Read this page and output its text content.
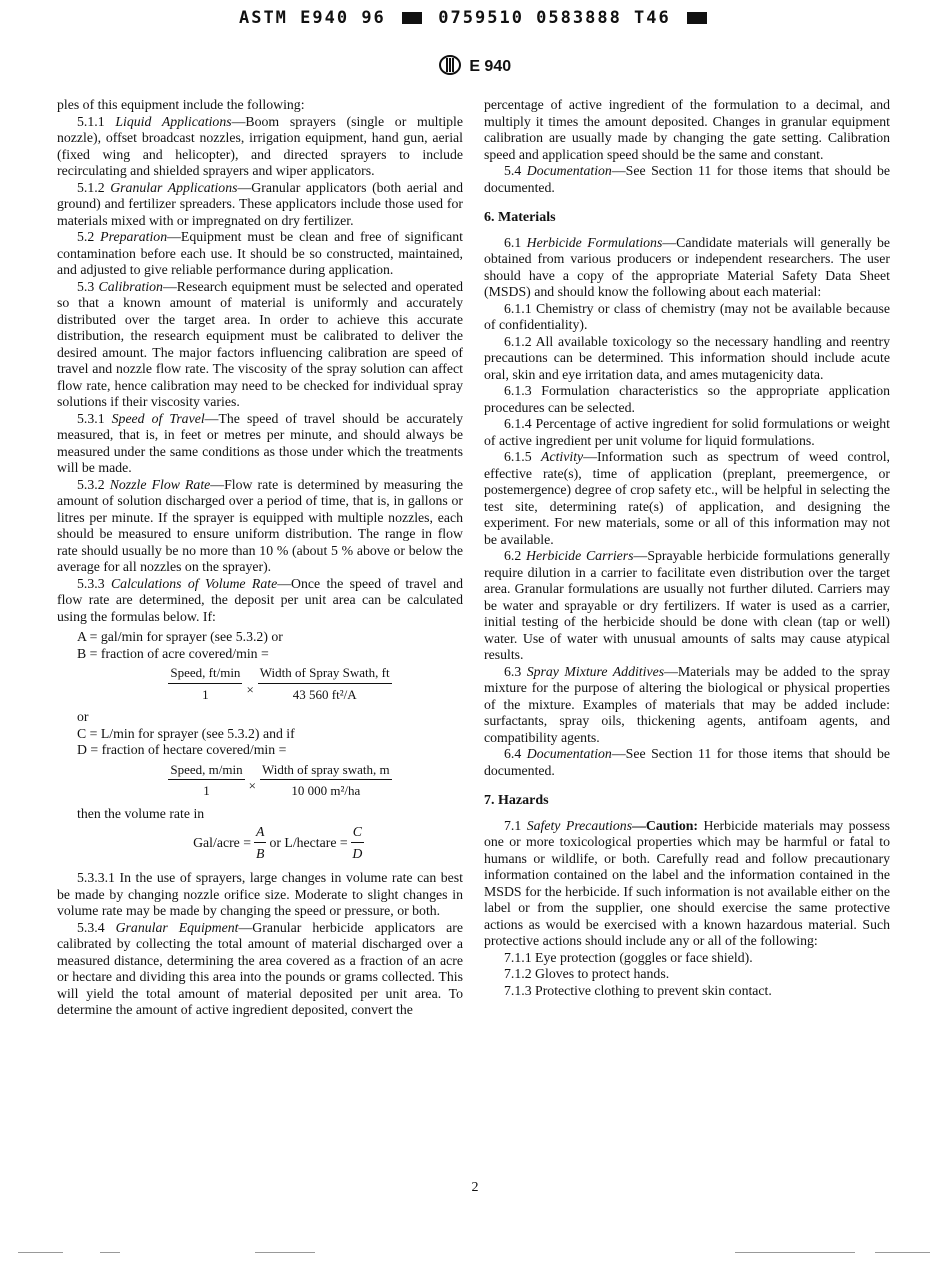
ASTM E940 96	0759510 0583888 T46
E 940

ples of this equipment include the following:

5.1.1 Liquid Applications—Boom sprayers (single or multiple nozzle), offset broadcast nozzles, irrigation equipment, hand gun, aerial (fixed wing and helicopter), and directed sprayers to include recirculating and shielded sprayers and wiper applicators.

5.1.2 Granular Applications—Granular applicators (both aerial and ground) and fertilizer spreaders. These applicators include those used for materials mixed with or impregnated on dry fertilizer.

5.2 Preparation—Equipment must be clean and free of significant contamination before each use. It should be so constructed, maintained, and adjusted to give reliable performance during application.

5.3 Calibration—Research equipment must be selected and operated so that a known amount of material is uniformly and accurately distributed over the target area. In order to achieve this accurate distribution, the research equipment must be calibrated to deliver the desired amount. The major factors influencing calibration are speed of travel and nozzle flow rate. The viscosity of the spray solution can affect flow rate, hence calibration may need to be checked for individual spray solutions if their viscosity varies.

5.3.1 Speed of Travel—The speed of travel should be accurately measured, that is, in feet or metres per minute, and should always be measured under the same conditions as those under which the treatments will be made.

5.3.2 Nozzle Flow Rate—Flow rate is determined by measuring the amount of solution discharged over a period of time, that is, in gallons or litres per minute. If the sprayer is equipped with multiple nozzles, each should be measured to ensure uniform distribution. The range in flow rate should usually be no more than 10 % (about 5 % above or below the average for all nozzles on the sprayer).

5.3.3 Calculations of Volume Rate—Once the speed of travel and flow rate are determined, the deposit per unit area can be calculated using the formulas below. If:

A = gal/min for sprayer (see 5.3.2) or

B = fraction of acre covered/min =

$\frac{\text{Speed, ft/min}}{1} \times \frac{\text{Width of Spray Swath, ft}}{\text{43 560 ft²/A}}$

or

C = L/min for sprayer (see 5.3.2) and if

D = fraction of hectare covered/min =

$\frac{\text{Speed, m/min}}{1} \times \frac{\text{Width of spray swath, m}}{\text{10 000 m²/ha}}$

then the volume rate in

Gal/acre = $\frac{A}{B}$ or L/hectare = $\frac{C}{D}$

5.3.3.1 In the use of sprayers, large changes in volume rate can best be made by changing nozzle orifice size. Moderate to slight changes in volume rate may be made by changing the speed or pressure, or both.

5.3.4 Granular Equipment—Granular herbicide applicators are calibrated by collecting the total amount of material discharged over a measured distance, determining the area covered as a fraction of an acre or hectare and dividing this area into the pounds or grams collected. This will yield the total amount of material deposited per unit area. To determine the amount of active ingredient deposited, convert the

percentage of active ingredient of the formulation to a decimal, and multiply it times the amount deposited. Changes in granular equipment calibration are usually made by changing the gate setting. Calibration speed and application speed should be the same and constant.

5.4 Documentation—See Section 11 for those items that should be documented.

6. Materials

6.1 Herbicide Formulations—Candidate materials will generally be obtained from various producers or independent researchers. The user should have a copy of the appropriate Material Safety Data Sheet (MSDS) and should know the following about each material:

6.1.1 Chemistry or class of chemistry (may not be available because of confidentiality).

6.1.2 All available toxicology so the necessary handling and reentry precautions can be determined. This information should include acute oral, skin and eye irritation data, and ames mutagenicity data.

6.1.3 Formulation characteristics so the appropriate application procedures can be selected.

6.1.4 Percentage of active ingredient for solid formulations or weight of active ingredient per unit volume for liquid formulations.

6.1.5 Activity—Information such as spectrum of weed control, effective rate(s), time of application (preplant, preemergence, or postemergence) degree of crop safety etc., will be helpful in selecting the test site, determining rate(s) of application, and designing the experiment. For new materials, some or all of this information may not be available.

6.2 Herbicide Carriers—Sprayable herbicide formulations generally require dilution in a carrier to facilitate even distribution over the target area. Granular formulations are usually not further diluted. Carriers may be water and sprayable or dry fertilizers. If water is used as a carrier, initial testing of the herbicide should be done with clean (tap or well) water. Use of water with unusual amounts of salts may cause atypical results.

6.3 Spray Mixture Additives—Materials may be added to the spray mixture for the purpose of altering the biological or physical properties of the mixture. Examples of materials that may be added include: surfactants, spray oils, thickening agents, antifoam agents, and compatibility agents.

6.4 Documentation—See Section 11 for those items that should be documented.

7. Hazards

7.1 Safety Precautions—Caution: Herbicide materials may possess one or more toxicological properties which may be harmful or fatal to humans or wildlife, or both. Carefully read and follow precautionary information contained on the label and the information contained in the MSDS for the herbicide. If such information is not available either on the label or from the supplier, one should exercise the same protective actions as would be exercised with a known hazardous material. Such protective actions should include any or all of the following:

7.1.1 Eye protection (goggles or face shield).

7.1.2 Gloves to protect hands.

7.1.3 Protective clothing to prevent skin contact.

2
